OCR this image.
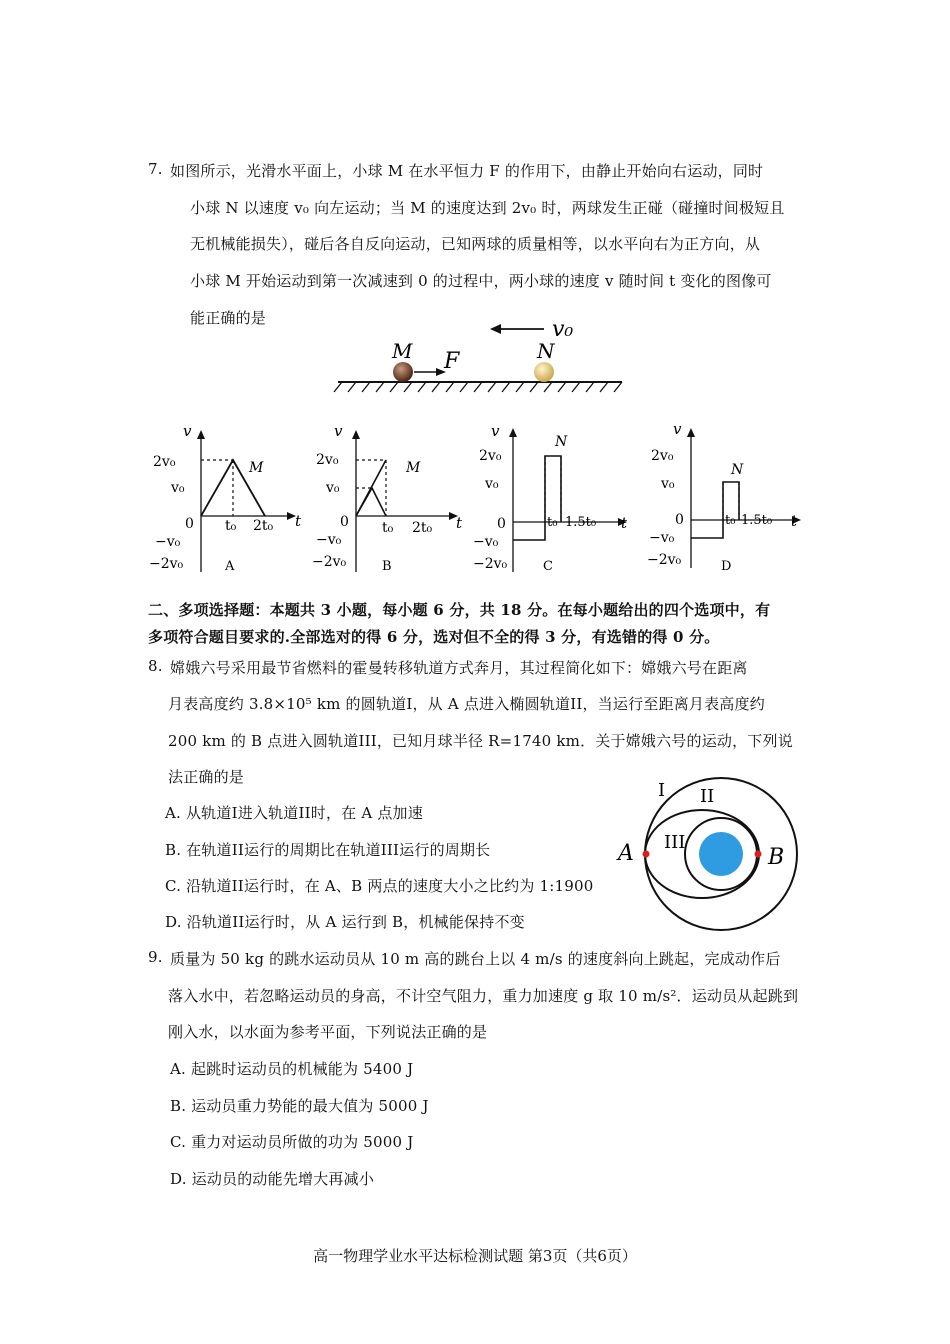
7. 如图所示，光滑水平面上，小球 M 在水平恒力 F 的作用下，由静止开始向右运动，同时
小球 N 以速度 v₀ 向左运动；当 M 的速度达到 2v₀ 时，两球发生正碰（碰撞时间极短且
无机械能损失），碰后各自反向运动，已知两球的质量相等，以水平向右为正方向，从
小球 M 开始运动到第一次减速到 0 的过程中，两小球的速度 v 随时间 t 变化的图像可
能正确的是
M	N
F
v₀
v
t
2v₀
v₀
0
−v₀
−2v₀
M
t₀ 2t₀
A
v
t
2v₀
v₀
0
−v₀
−2v₀
M
t₀ 2t₀
B
v
t
2v₀
v₀
0
−v₀
−2v₀
N
t₀ 1.5t₀
C
v
t
2v₀
v₀
0
−v₀
−2v₀
N
t₀ 1.5t₀
D
二、多项选择题：本题共 3 小题，每小题 6 分，共 18 分。在每小题给出的四个选项中，有
多项符合题目要求的.全部选对的得 6 分，选对但不全的得 3 分，有选错的得 0 分。
8. 嫦娥六号采用最节省燃料的霍曼转移轨道方式奔月，其过程简化如下：嫦娥六号在距离
月表高度约 3.8×10⁵ km 的圆轨道I，从 A 点进入椭圆轨道II，当运行至距离月表高度约
200 km 的 B 点进入圆轨道III，已知月球半径 R=1740 km．关于嫦娥六号的运动，下列说
法正确的是
A. 从轨道I进入轨道II时，在 A 点加速
B. 在轨道II运行的周期比在轨道III运行的周期长
C. 沿轨道II运行时，在 A、B 两点的速度大小之比约为 1:1900
D. 沿轨道II运行时，从 A 运行到 B，机械能保持不变
I II
III
A	B
9. 质量为 50 kg 的跳水运动员从 10 m 高的跳台上以 4 m/s 的速度斜向上跳起，完成动作后
落入水中，若忽略运动员的身高，不计空气阻力，重力加速度 g 取 10 m/s²．运动员从起跳到
刚入水，以水面为参考平面，下列说法正确的是
A. 起跳时运动员的机械能为 5400 J
B. 运动员重力势能的最大值为 5000 J
C. 重力对运动员所做的功为 5000 J
D. 运动员的动能先增大再减小
高一物理学业水平达标检测试题 第3页（共6页）
